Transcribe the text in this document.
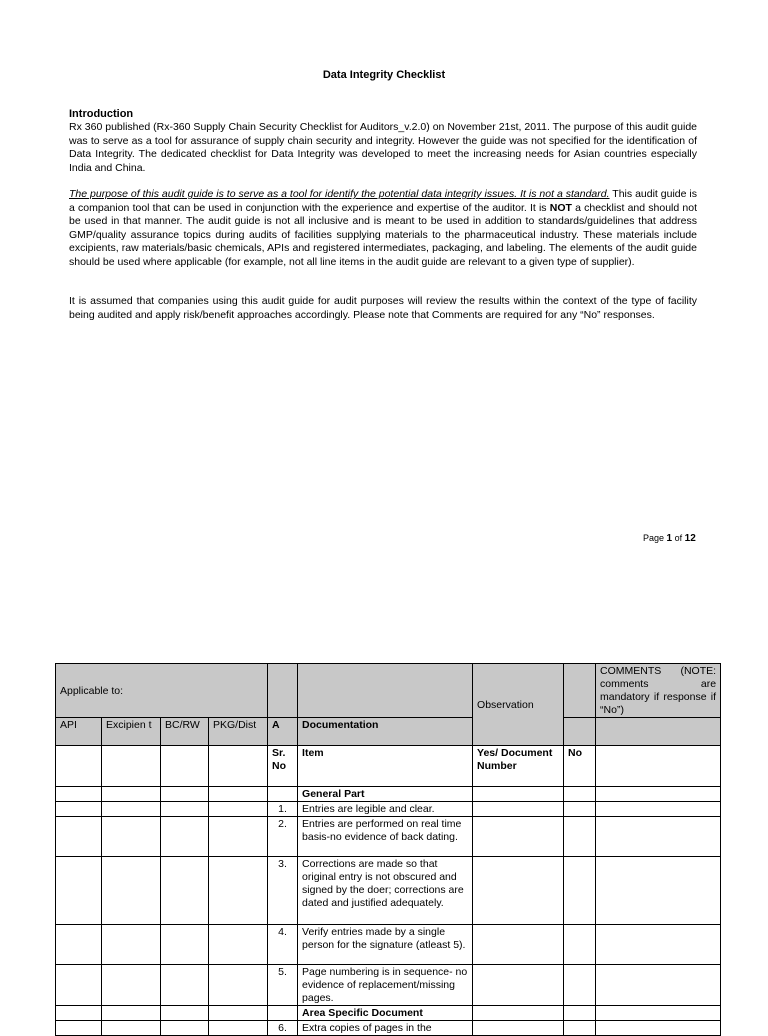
Data Integrity Checklist
Introduction

Rx 360 published (Rx-360 Supply Chain Security Checklist for Auditors_v.2.0) on November 21st, 2011. The purpose of this audit guide was to serve as a tool for assurance of supply chain security and integrity. However the guide was not specified for the identification of Data Integrity. The dedicated checklist for Data Integrity was developed to meet the increasing needs for Asian countries especially India and China.

The purpose of this audit guide is to serve as a tool for identify the potential data integrity issues. It is not a standard. This audit guide is a companion tool that can be used in conjunction with the experience and expertise of the auditor. It is NOT a checklist and should not be used in that manner. The audit guide is not all inclusive and is meant to be used in addition to standards/guidelines that address GMP/quality assurance topics during audits of facilities supplying materials to the pharmaceutical industry. These materials include excipients, raw materials/basic chemicals, APIs and registered intermediates, packaging, and labeling. The elements of the audit guide should be used where applicable (for example, not all line items in the audit guide are relevant to a given type of supplier).

It is assumed that companies using this audit guide for audit purposes will review the results within the context of the type of facility being audited and apply risk/benefit approaches accordingly. Please note that Comments are required for any “No” responses.

Page 1 of 12
Applicable to:						Observation		COMMENTS (NOTE: comments are mandatory if response if “No”)
API	Excipien t	BC/RW	PKG/Dist	A	Documentation			
				Sr. No	Item	Yes/ Document Number	No	
					General Part			
				1.	Entries are legible and clear.			
				2.	Entries are performed on real time basis-no evidence of back dating.			
				3.	Corrections are made so that original entry is not obscured and signed by the doer; corrections are dated and justified adequately.			
				4.	Verify entries made by a single person for the signature (atleast 5).			
				5.	Page numbering is in sequence- no evidence of replacement/missing pages.			
					Area Specific Document			
				6.	Extra copies of pages in the			
